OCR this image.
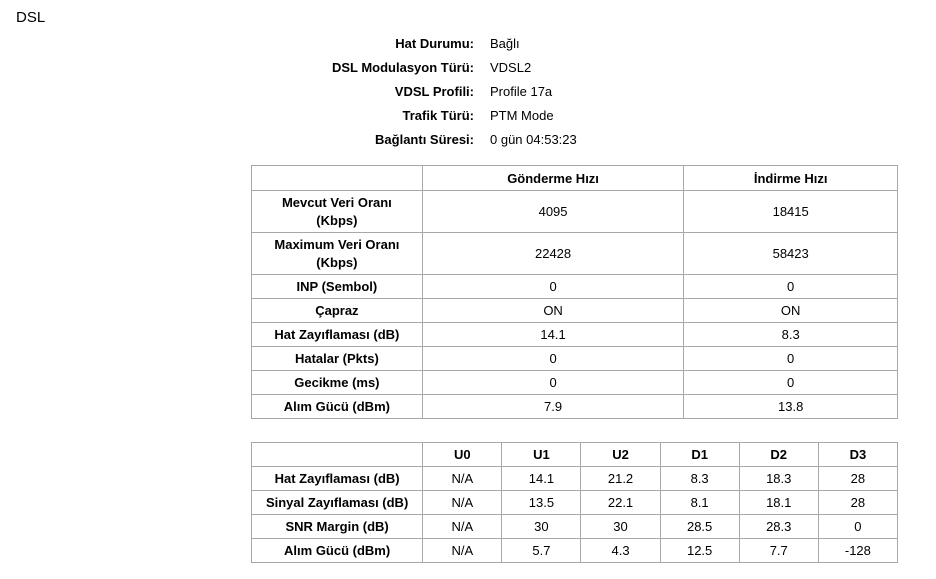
DSL
Hat Durumu:	Bağlı
DSL Modulasyon Türü:	VDSL2
VDSL Profili:	Profile 17a
Trafik Türü:	PTM Mode
Bağlantı Süresi:	0 gün 04:53:23
	Gönderme Hızı	İndirme Hızı

Mevcut Veri Oranı
(Kbps)	4095	18415

Maximum Veri Oranı
(Kbps)	22428	58423
INP (Sembol)	0	0
Çapraz	ON	ON
Hat Zayıflaması (dB)	14.1	8.3
Hatalar (Pkts)	0	0
Gecikme (ms)	0	0
Alım Gücü (dBm)	7.9	13.8
	U0	U1	U2	D1	D2	D3
Hat Zayıflaması (dB)	N/A	14.1	21.2	8.3	18.3	28
Sinyal Zayıflaması (dB)	N/A	13.5	22.1	8.1	18.1	28
SNR Margin (dB)	N/A	30	30	28.5	28.3	0
Alım Gücü (dBm)	N/A	5.7	4.3	12.5	7.7	-128
